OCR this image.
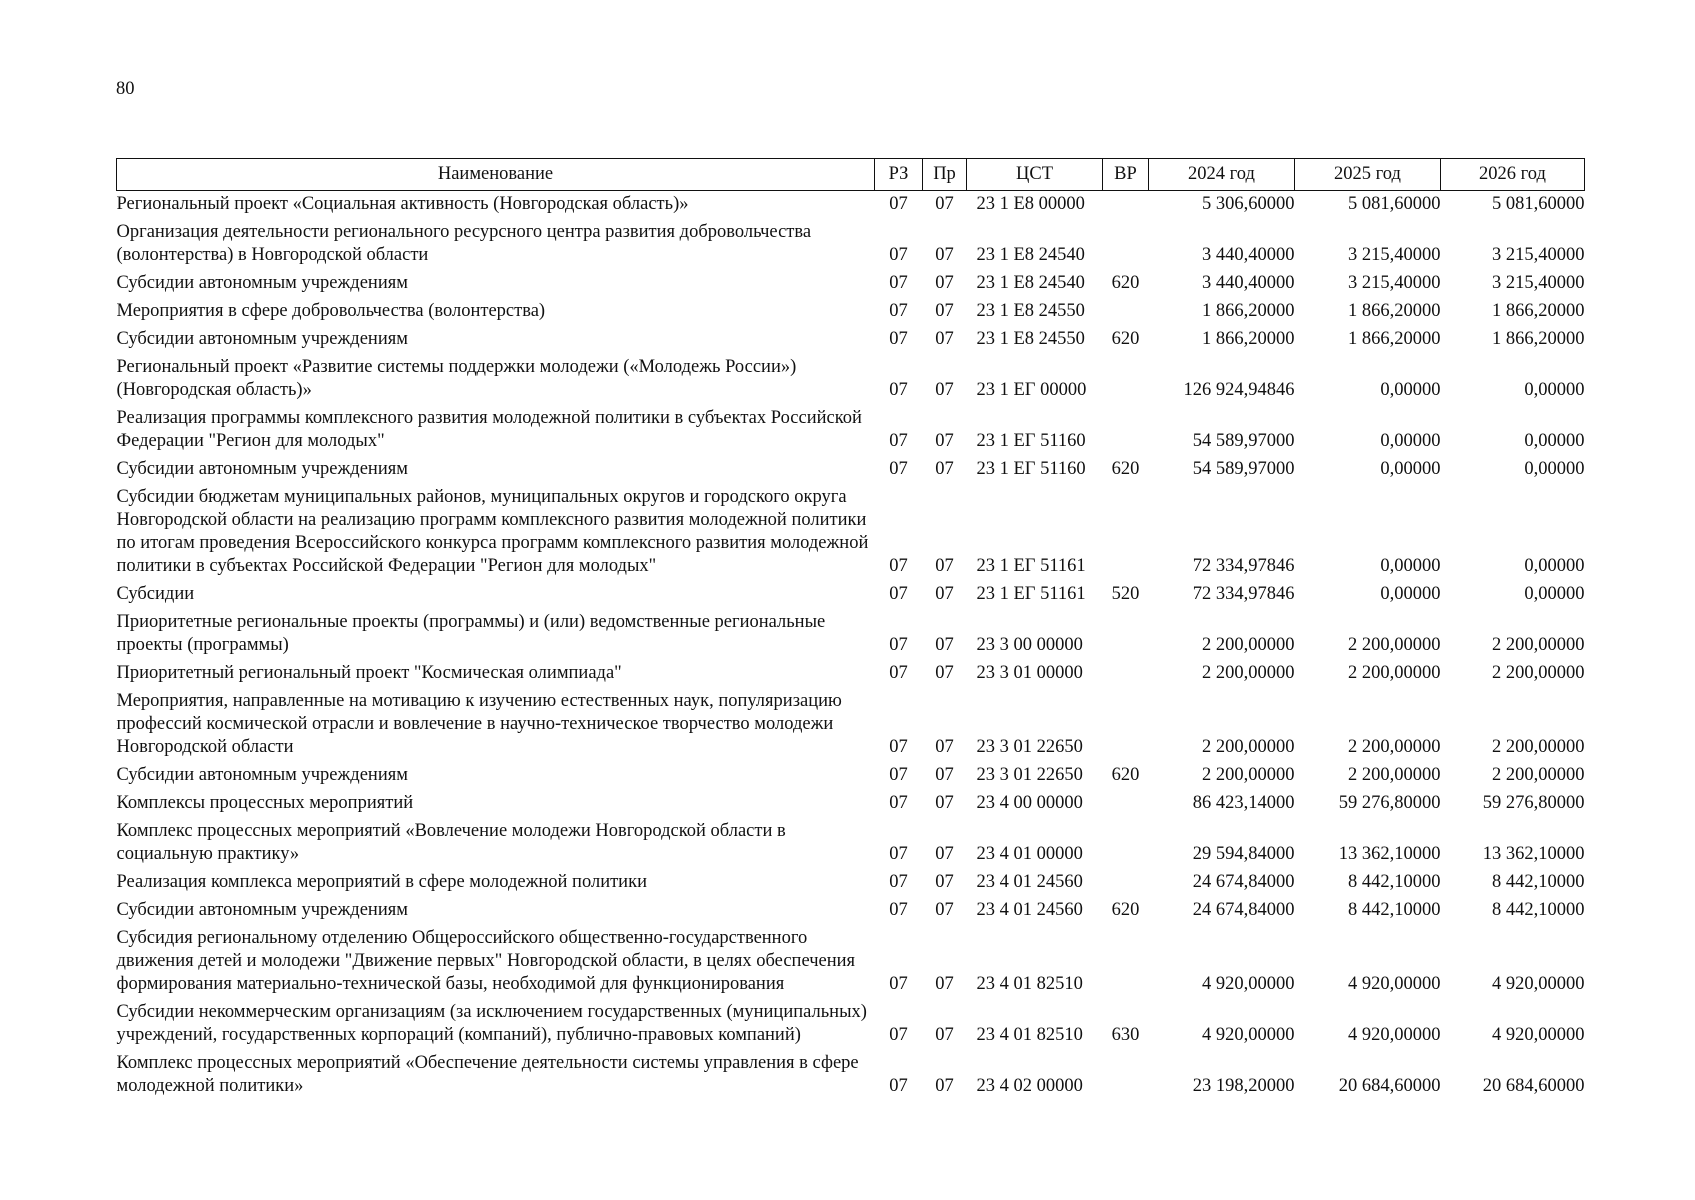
80
Наименование	РЗ	Пр	ЦСТ	ВР	2024 год	2025 год	2026 год
Региональный проект «Социальная активность (Новгородская область)»	07	07	23 1 E8 00000		5 306,60000	5 081,60000	5 081,60000
Организация деятельности регионального ресурсного центра развития добровольчества (волонтерства) в Новгородской области	07	07	23 1 E8 24540		3 440,40000	3 215,40000	3 215,40000
Субсидии автономным учреждениям	07	07	23 1 E8 24540	620	3 440,40000	3 215,40000	3 215,40000
Мероприятия в сфере добровольчества (волонтерства)	07	07	23 1 E8 24550		1 866,20000	1 866,20000	1 866,20000
Субсидии автономным учреждениям	07	07	23 1 E8 24550	620	1 866,20000	1 866,20000	1 866,20000
Региональный проект «Развитие системы поддержки молодежи («Молодежь России») (Новгородская область)»	07	07	23 1 EГ 00000		126 924,94846	0,00000	0,00000
Реализация программы комплексного развития молодежной политики в субъектах Российской Федерации "Регион для молодых"	07	07	23 1 EГ 51160		54 589,97000	0,00000	0,00000
Субсидии автономным учреждениям	07	07	23 1 EГ 51160	620	54 589,97000	0,00000	0,00000
Субсидии бюджетам муниципальных районов, муниципальных округов и городского округа Новгородской области на реализацию программ комплексного развития молодежной политики по итогам проведения Всероссийского конкурса программ комплексного развития молодежной политики в субъектах Российской Федерации "Регион для молодых"	07	07	23 1 EГ 51161		72 334,97846	0,00000	0,00000
Субсидии	07	07	23 1 EГ 51161	520	72 334,97846	0,00000	0,00000
Приоритетные региональные проекты (программы) и (или) ведомственные региональные проекты (программы)	07	07	23 3 00 00000		2 200,00000	2 200,00000	2 200,00000
Приоритетный региональный проект "Космическая олимпиада"	07	07	23 3 01 00000		2 200,00000	2 200,00000	2 200,00000
Мероприятия, направленные на мотивацию к изучению естественных наук, популяризацию профессий космической отрасли и вовлечение в научно-техническое творчество молодежи Новгородской области	07	07	23 3 01 22650		2 200,00000	2 200,00000	2 200,00000
Субсидии автономным учреждениям	07	07	23 3 01 22650	620	2 200,00000	2 200,00000	2 200,00000
Комплексы процессных мероприятий	07	07	23 4 00 00000		86 423,14000	59 276,80000	59 276,80000
Комплекс процессных мероприятий «Вовлечение молодежи Новгородской области в социальную практику»	07	07	23 4 01 00000		29 594,84000	13 362,10000	13 362,10000
Реализация комплекса мероприятий в сфере молодежной политики	07	07	23 4 01 24560		24 674,84000	8 442,10000	8 442,10000
Субсидии автономным учреждениям	07	07	23 4 01 24560	620	24 674,84000	8 442,10000	8 442,10000
Субсидия региональному отделению Общероссийского общественно-государственного движения детей и молодежи "Движение первых" Новгородской области, в целях обеспечения формирования материально-технической базы, необходимой для функционирования	07	07	23 4 01 82510		4 920,00000	4 920,00000	4 920,00000
Субсидии некоммерческим организациям (за исключением государственных (муниципальных) учреждений, государственных корпораций (компаний), публично-правовых компаний)	07	07	23 4 01 82510	630	4 920,00000	4 920,00000	4 920,00000
Комплекс процессных мероприятий «Обеспечение деятельности системы управления в сфере молодежной политики»	07	07	23 4 02 00000		23 198,20000	20 684,60000	20 684,60000
